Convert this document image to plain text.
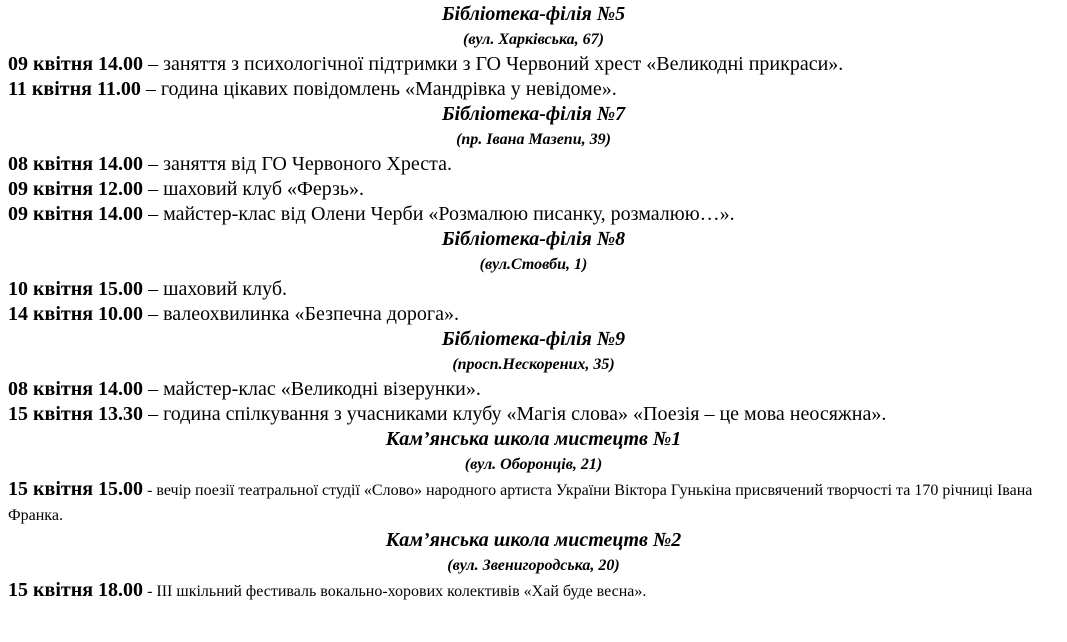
Бібліотека-філія №5

(вул. Харківська, 67)

09 квітня 14.00 – заняття з психологічної підтримки з ГО Червоний хрест «Великодні прикраси».

11 квітня 11.00 – година цікавих повідомлень «Мандрівка у невідоме».

Бібліотека-філія №7

(пр. Івана Мазепи, 39)

08 квітня 14.00 – заняття від ГО Червоного Хреста.

09 квітня 12.00 – шаховий клуб «Ферзь».

09 квітня 14.00 – майстер-клас від Олени Черби «Розмалюю писанку, розмалюю…».

Бібліотека-філія №8

(вул.Стовби, 1)

10 квітня 15.00 – шаховий клуб.

14 квітня 10.00 – валеохвилинка «Безпечна дорога».

Бібліотека-філія №9

(просп.Нескорених, 35)

08 квітня 14.00 – майстер-клас «Великодні візерунки».

15 квітня 13.30 – година спілкування з учасниками клубу «Магія слова» «Поезія – це мова неосяжна».

Кам’янська школа мистецтв №1

(вул. Оборонців, 21)

15 квітня 15.00 - вечір поезії театральної студії «Слово» народного артиста України Віктора Гунькіна присвячений творчості та 170 річниці Івана Франка.

Кам’янська школа мистецтв №2

(вул. Звенигородська, 20)

15 квітня 18.00 - ІІІ шкільний фестиваль вокально-хорових колективів «Хай буде весна».
